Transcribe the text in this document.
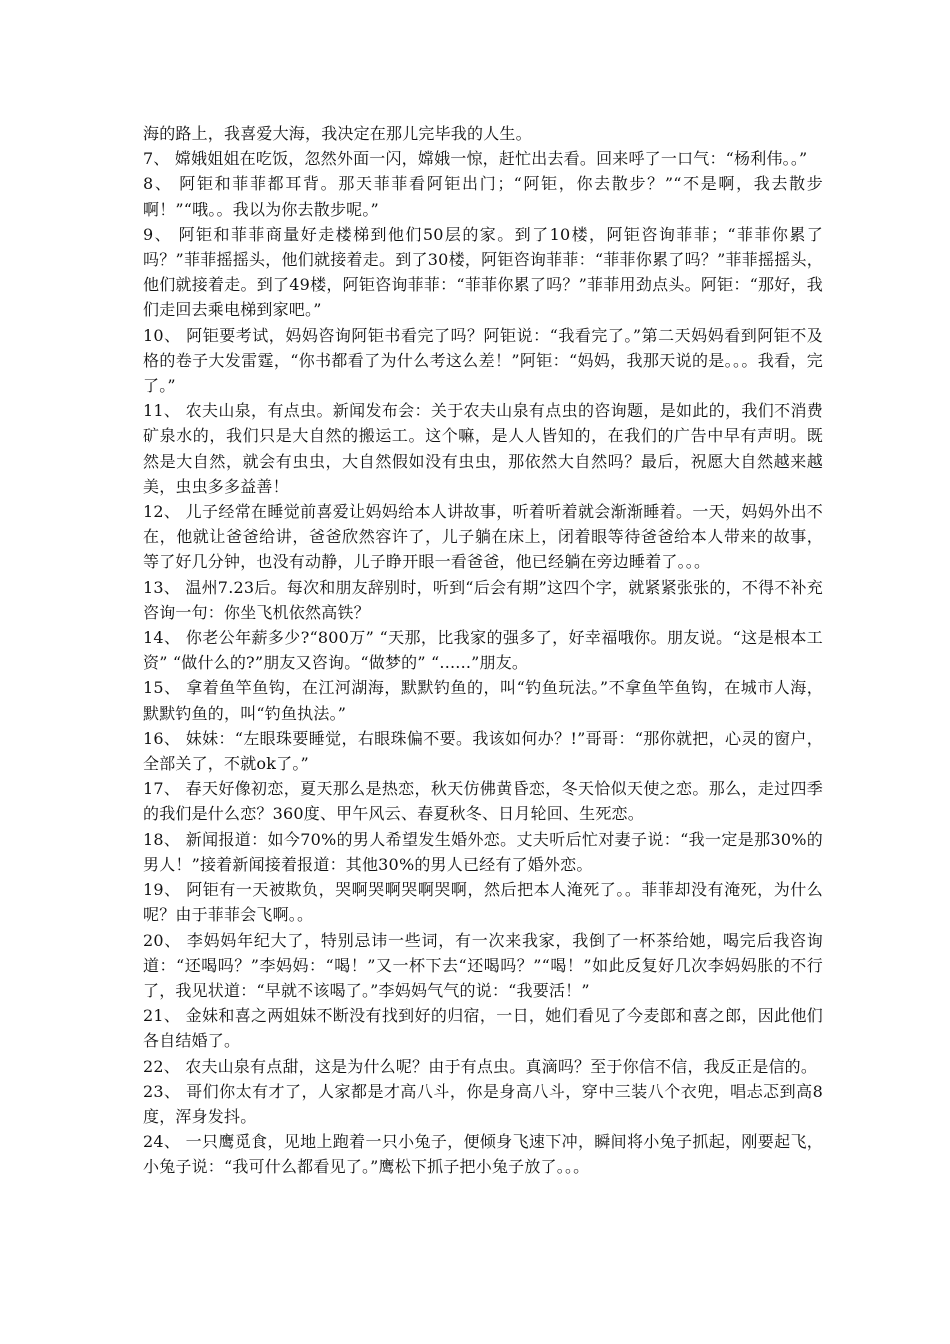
海的路上，我喜爱大海，我决定在那儿完毕我的人生。

7、 嫦娥姐姐在吃饭，忽然外面一闪，嫦娥一惊，赶忙出去看。回来呼了一口气：“杨利伟。。”

8、 阿钜和菲菲都耳背。那天菲菲看阿钜出门；“阿钜，你去散步？”“不是啊，我去散步啊！”“哦。。我以为你去散步呢。”

9、 阿钜和菲菲商量好走楼梯到他们50层的家。到了10楼，阿钜咨询菲菲；“菲菲你累了吗？”菲菲摇摇头，他们就接着走。到了30楼，阿钜咨询菲菲：“菲菲你累了吗？”菲菲摇摇头，他们就接着走。到了49楼，阿钜咨询菲菲：“菲菲你累了吗？”菲菲用劲点头。阿钜：“那好，我们走回去乘电梯到家吧。”

10、 阿钜要考试，妈妈咨询阿钜书看完了吗？阿钜说：“我看完了。”第二天妈妈看到阿钜不及格的卷子大发雷霆，“你书都看了为什么考这么差！”阿钜：“妈妈，我那天说的是。。。我看，完了。”

11、 农夫山泉，有点虫。新闻发布会：关于农夫山泉有点虫的咨询题，是如此的，我们不消费矿泉水的，我们只是大自然的搬运工。这个嘛，是人人皆知的，在我们的广告中早有声明。既然是大自然，就会有虫虫，大自然假如没有虫虫，那依然大自然吗？最后，祝愿大自然越来越美，虫虫多多益善！

12、 儿子经常在睡觉前喜爱让妈妈给本人讲故事，听着听着就会渐渐睡着。一天，妈妈外出不在，他就让爸爸给讲，爸爸欣然容许了，儿子躺在床上，闭着眼等待爸爸给本人带来的故事，等了好几分钟，也没有动静，儿子睁开眼一看爸爸，他已经躺在旁边睡着了。。。

13、 温州7.23后。每次和朋友辞别时，听到“后会有期”这四个字，就紧紧张张的，不得不补充咨询一句：你坐飞机依然高铁？

14、 你老公年薪多少?“800万” “天那，比我家的强多了，好幸福哦你。朋友说。“这是根本工资” “做什么的?”朋友又咨询。“做梦的” “......”朋友。

15、 拿着鱼竿鱼钩，在江河湖海，默默钓鱼的，叫“钓鱼玩法。”不拿鱼竿鱼钩，在城市人海，默默钓鱼的，叫“钓鱼执法。”

16、 妹妹：“左眼珠要睡觉，右眼珠偏不要。我该如何办？!”哥哥：“那你就把，心灵的窗户，全部关了，不就ok了。”

17、 春天好像初恋，夏天那么是热恋，秋天仿佛黄昏恋，冬天恰似天使之恋。那么，走过四季的我们是什么恋？360度、甲午风云、春夏秋冬、日月轮回、生死恋。

18、 新闻报道：如今70%的男人希望发生婚外恋。丈夫听后忙对妻子说：“我一定是那30%的男人！”接着新闻接着报道：其他30%的男人已经有了婚外恋。

19、 阿钜有一天被欺负，哭啊哭啊哭啊哭啊，然后把本人淹死了。。菲菲却没有淹死，为什么呢？由于菲菲会飞啊。。

20、 李妈妈年纪大了，特别忌讳一些词，有一次来我家，我倒了一杯茶给她，喝完后我咨询道：“还喝吗？”李妈妈：“喝！”又一杯下去“还喝吗？”“喝！”如此反复好几次李妈妈胀的不行了，我见状道：“早就不该喝了。”李妈妈气气的说：“我要活！”

21、 金妹和喜之两姐妹不断没有找到好的归宿，一日，她们看见了今麦郎和喜之郎，因此他们各自结婚了。

22、 农夫山泉有点甜，这是为什么呢？由于有点虫。真滴吗？至于你信不信，我反正是信的。

23、 哥们你太有才了，人家都是才高八斗，你是身高八斗，穿中三装八个衣兜，唱忐忑到高8度，浑身发抖。

24、 一只鹰觅食，见地上跑着一只小兔子，便倾身飞速下冲，瞬间将小兔子抓起，刚要起飞，小兔子说：“我可什么都看见了。”鹰松下抓子把小兔子放了。。。
